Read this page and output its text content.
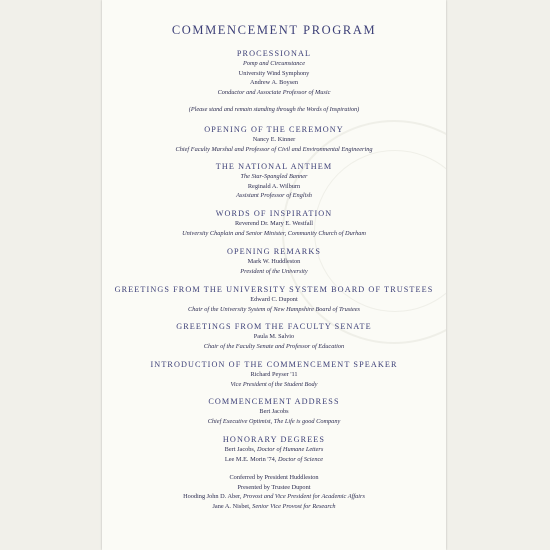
COMMENCEMENT PROGRAM
PROCESSIONAL
Pomp and Circumstance
University Wind Symphony
Andrew A. Boysen
Conductor and Associate Professor of Music
(Please stand and remain standing through the Words of Inspiration)
OPENING OF THE CEREMONY
Nancy E. Kinner
Chief Faculty Marshal and Professor of Civil and Environmental Engineering
THE NATIONAL ANTHEM
The Star-Spangled Banner
Reginald A. Wilburn
Assistant Professor of English
WORDS OF INSPIRATION
Reverend Dr. Mary E. Westfall
University Chaplain and Senior Minister, Community Church of Durham
OPENING REMARKS
Mark W. Huddleston
President of the University
GREETINGS FROM THE UNIVERSITY SYSTEM BOARD OF TRUSTEES
Edward C. Dupont
Chair of the University System of New Hampshire Board of Trustees
GREETINGS FROM THE FACULTY SENATE
Paula M. Salvio
Chair of the Faculty Senate and Professor of Education
INTRODUCTION OF THE COMMENCEMENT SPEAKER
Richard Peyser '11
Vice President of the Student Body
COMMENCEMENT ADDRESS
Bert Jacobs
Chief Executive Optimist, The Life is good Company
HONORARY DEGREES
Bert Jacobs, Doctor of Humane Letters
Lee M.E. Morin '74, Doctor of Science
Conferred by President Huddleston
Presented by Trustee Dupont
Hooding John D. Aber, Provost and Vice President for Academic Affairs
Jane A. Nisbet, Senior Vice Provost for Research
